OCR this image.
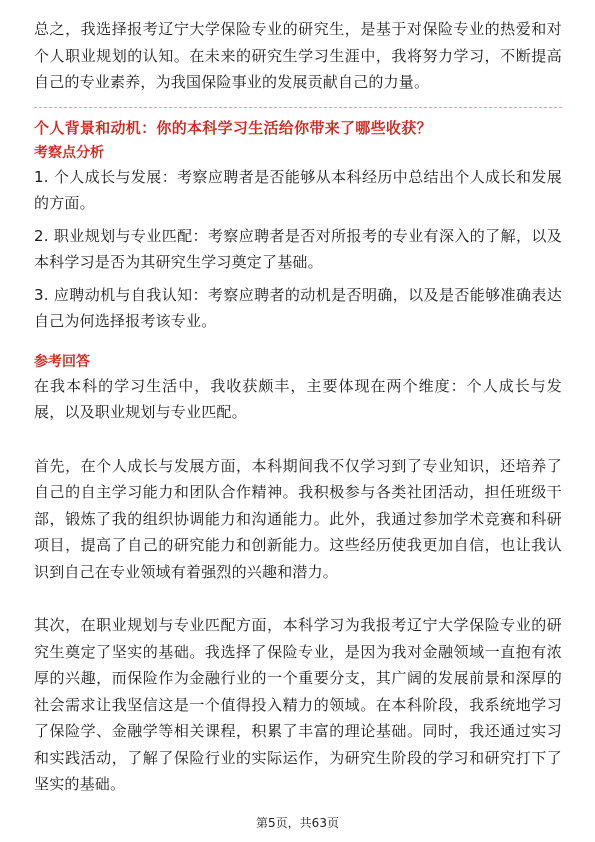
总之，我选择报考辽宁大学保险专业的研究生，是基于对保险专业的热爱和对个人职业规划的认知。在未来的研究生学习生涯中，我将努力学习，不断提高自己的专业素养，为我国保险事业的发展贡献自己的力量。

个人背景和动机：你的本科学习生活给你带来了哪些收获？
考察点分析
1. 个人成长与发展：考察应聘者是否能够从本科经历中总结出个人成长和发展的方面。
2. 职业规划与专业匹配：考察应聘者是否对所报考的专业有深入的了解，以及本科学习是否为其研究生学习奠定了基础。
3. 应聘动机与自我认知：考察应聘者的动机是否明确，以及是否能够准确表达自己为何选择报考该专业。
参考回答

在我本科的学习生活中，我收获颇丰，主要体现在两个维度：个人成长与发展，以及职业规划与专业匹配。

首先，在个人成长与发展方面，本科期间我不仅学习到了专业知识，还培养了自己的自主学习能力和团队合作精神。我积极参与各类社团活动，担任班级干部，锻炼了我的组织协调能力和沟通能力。此外，我通过参加学术竞赛和科研项目，提高了自己的研究能力和创新能力。这些经历使我更加自信，也让我认识到自己在专业领域有着强烈的兴趣和潜力。

其次，在职业规划与专业匹配方面，本科学习为我报考辽宁大学保险专业的研究生奠定了坚实的基础。我选择了保险专业，是因为我对金融领域一直抱有浓厚的兴趣，而保险作为金融行业的一个重要分支，其广阔的发展前景和深厚的社会需求让我坚信这是一个值得投入精力的领域。在本科阶段，我系统地学习了保险学、金融学等相关课程，积累了丰富的理论基础。同时，我还通过实习和实践活动，了解了保险行业的实际运作，为研究生阶段的学习和研究打下了坚实的基础。

第5页，共63页
